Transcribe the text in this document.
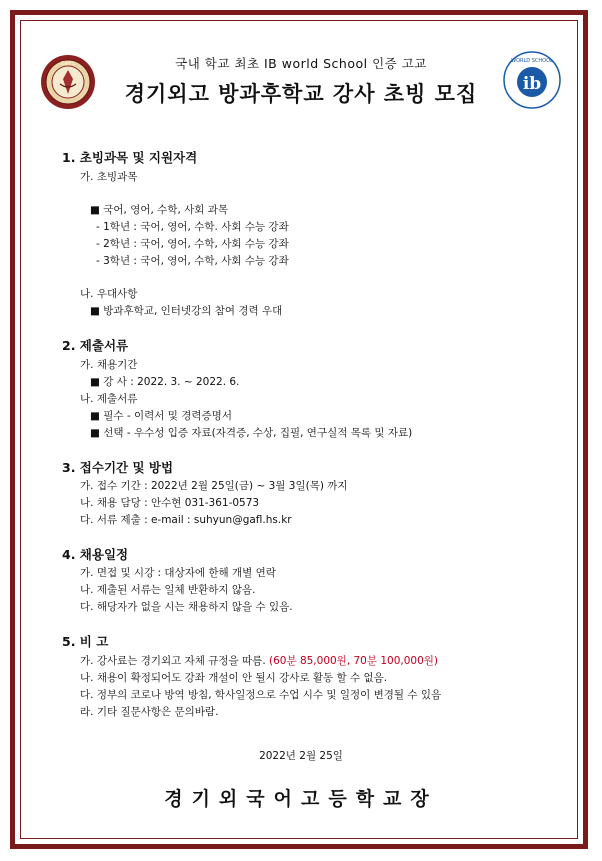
GAFL
ib
WORLD SCHOOL
국내 학교 최초 IB world School 인증 고교
경기외고 방과후학교 강사 초빙 모집
1. 초빙과목 및 지원자격
가. 초빙과목
■ 국어, 영어, 수학, 사회 과목
- 1학년 : 국어, 영어, 수학. 사회 수능 강좌
- 2학년 : 국어, 영어, 수학, 사회 수능 강좌
- 3학년 : 국어, 영어, 수학, 사회 수능 강좌
나. 우대사항
■ 방과후학교, 인터넷강의 참여 경력 우대
2. 제출서류
가. 채용기간
■ 강 사 : 2022. 3. ~ 2022. 6.
나. 제출서류
■ 필수 - 이력서 및 경력증명서
■ 선택 - 우수성 입증 자료(자격증, 수상, 집필, 연구실적 목록 및 자료)
3. 접수기간 및 방법
가. 접수 기간 : 2022년 2월 25일(금) ~ 3월 3일(목) 까지
나. 채용 담당 : 안수현 031-361-0573
다. 서류 제출 : e-mail : suhyun@gafl.hs.kr
4. 채용일정
가. 면접 및 시강 : 대상자에 한해 개별 연락
나. 제출된 서류는 일체 반환하지 않음.
다. 해당자가 없을 시는 채용하지 않을 수 있음.
5. 비 고
가. 강사료는 경기외고 자체 규정을 따름. (60분 85,000원, 70분 100,000원)
나. 채용이 확정되어도 강좌 개설이 안 될시 강사로 활동 할 수 없음.
다. 정부의 코로나 방역 방침, 학사일정으로 수업 시수 및 일정이 변경될 수 있음
라. 기타 질문사항은 문의바람.
2022년 2월 25일
경기외국어고등학교장
